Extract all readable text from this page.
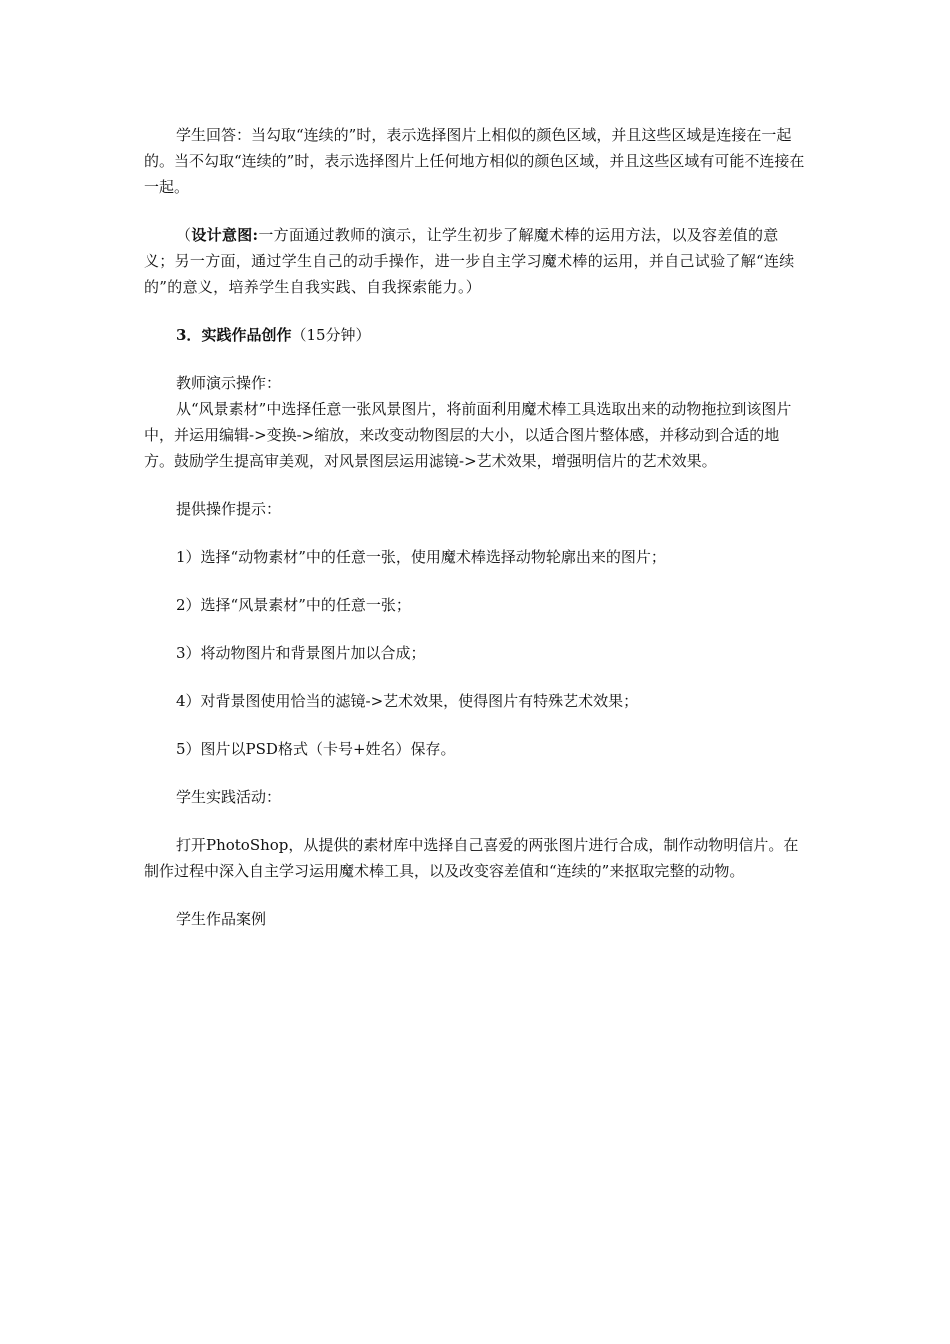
学生回答：当勾取“连续的”时，表示选择图片上相似的颜色区域，并且这些区域是连接在一起的。当不勾取“连续的”时，表示选择图片上任何地方相似的颜色区域，并且这些区域有可能不连接在一起。

（设计意图:一方面通过教师的演示，让学生初步了解魔术棒的运用方法，以及容差值的意义；另一方面，通过学生自己的动手操作，进一步自主学习魔术棒的运用，并自己试验了解“连续的”的意义，培养学生自我实践、自我探索能力。）

3．实践作品创作（15分钟）

教师演示操作：

从“风景素材”中选择任意一张风景图片，将前面利用魔术棒工具选取出来的动物拖拉到该图片中，并运用编辑->变换->缩放，来改变动物图层的大小，以适合图片整体感，并移动到合适的地方。鼓励学生提高审美观，对风景图层运用滤镜->艺术效果，增强明信片的艺术效果。

提供操作提示：

1）选择“动物素材”中的任意一张，使用魔术棒选择动物轮廓出来的图片；

2）选择“风景素材”中的任意一张；

3）将动物图片和背景图片加以合成；

4）对背景图使用恰当的滤镜->艺术效果，使得图片有特殊艺术效果；

5）图片以PSD格式（卡号+姓名）保存。

学生实践活动：

打开PhotoShop，从提供的素材库中选择自己喜爱的两张图片进行合成，制作动物明信片。在制作过程中深入自主学习运用魔术棒工具，以及改变容差值和“连续的”来抠取完整的动物。

学生作品案例
